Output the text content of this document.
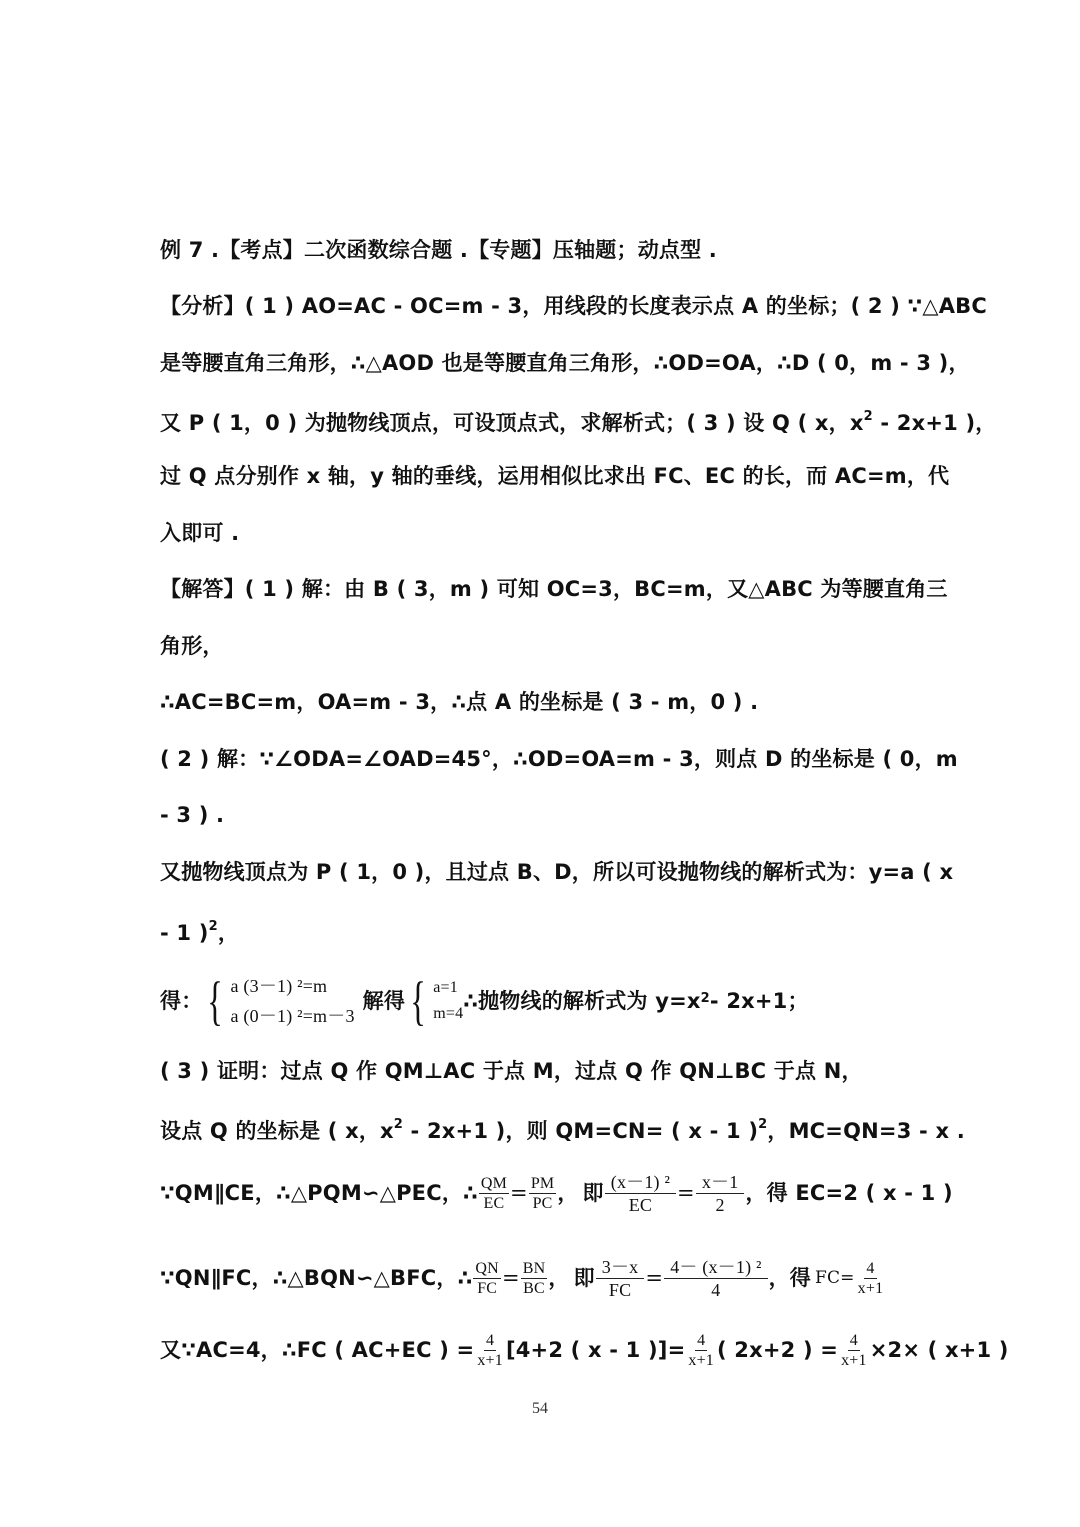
例 7 .【考点】二次函数综合题 .【专题】压轴题；动点型 .
【分析】( 1 ) AO=AC - OC=m - 3，用线段的长度表示点 A 的坐标；( 2 ) ∵△ABC
是等腰直角三角形，∴△AOD 也是等腰直角三角形，∴OD=OA，∴D ( 0，m - 3 )，
又 P ( 1，0 ) 为抛物线顶点，可设顶点式，求解析式；( 3 ) 设 Q ( x，$x^2 - 2x+1$ )，
过 Q 点分别作 x 轴，y 轴的垂线，运用相似比求出 FC、EC 的长，而 AC=m，代
入即可 .
【解答】( 1 ) 解：由 B ( 3，m ) 可知 OC=3，BC=m，又△ABC 为等腰直角三
角形，
∴AC=BC=m，OA=m - 3，∴点 A 的坐标是 ( 3 - m，0 ) .
( 2 ) 解：∵∠ODA=∠OAD=45°，∴OD=OA=m - 3，则点 D 的坐标是 ( 0，m
- 3 ) .
又抛物线顶点为 P ( 1，0 )，且过点 B、D，所以可设抛物线的解析式为：y=a ( x
- 1 )$^2$，
得： { a (3－1) ²=m
a (0－1) ²=m－3
解得 { a=1
m=4
∴抛物线的解析式为 $y=x^2 - 2x+1$；
( 3 ) 证明：过点 Q 作 QM⊥AC 于点 M，过点 Q 作 QN⊥BC 于点 N，
设点 Q 的坐标是 ( x，$x^2 - 2x+1$ )，则 QM=CN= ( x - 1 )$^2$，MC=QN=3 - x .
∵QM∥CE，∴△PQM∽△PEC，∴ $\frac{QM}{EC} = \frac{PM}{PC}$ ， 即 $\frac{\text{(x－1) ²}}{EC} = \frac{x-1}{2}$ ，得 EC=2 ( x - 1 )
∵QN∥FC，∴△BQN∽△BFC，∴ $\frac{QN}{FC} = \frac{BN}{BC}$ ， 即 $\frac{3-x}{FC} = \frac{\text{4－ (x－1) ²}}{4}$ ，得 $FC= \frac{4}{x+1}$
又∵AC=4，∴FC ( AC+EC ) = $\frac{4}{x+1} [4+2$ ( x - 1 )]= $\frac{4}{x+1}$ ( 2x+2 ) = $\frac{4}{x+1} \times 2\times$ ( x+1 )
54
